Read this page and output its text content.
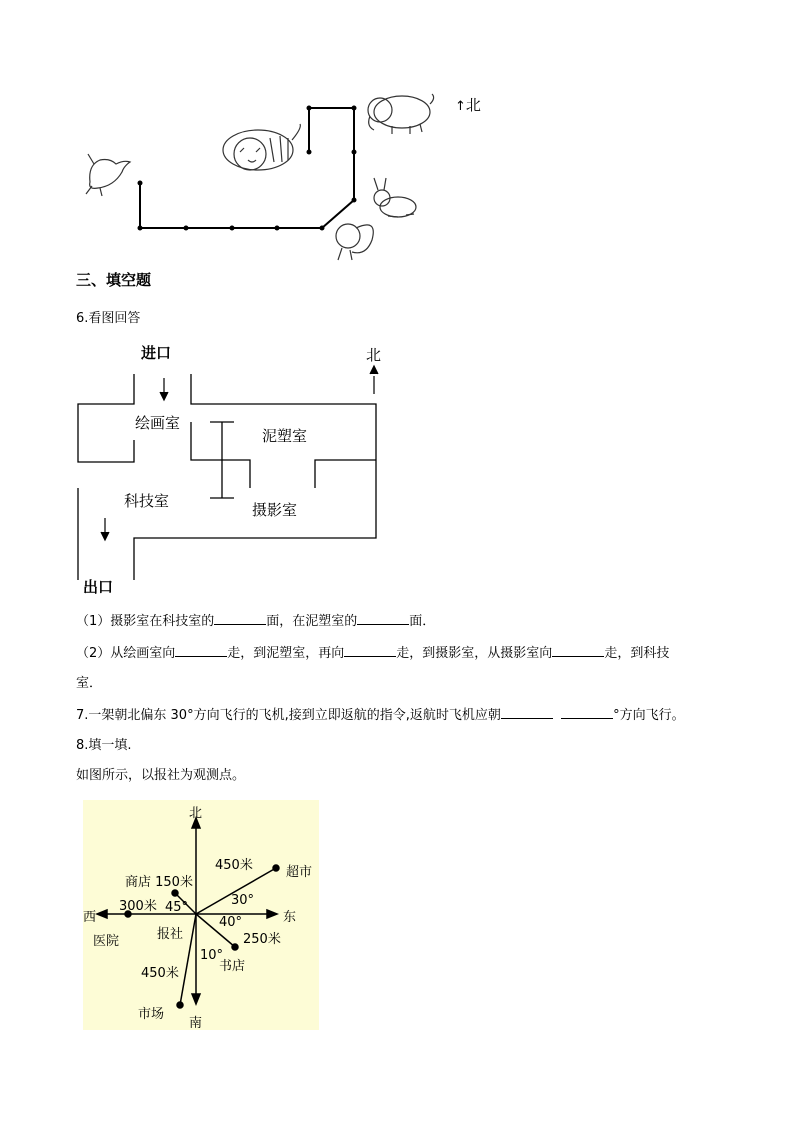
↑北
三、填空题
6.看图回答
进口	北
绘画室
泥塑室
科技室	摄影室
出口
（1）摄影室在科技室的	面，在泥塑室的	面．
（2）从绘画室向	走，到泥塑室，再向	走，到摄影室，从摄影室向	走，到科技
室．
7.一架朝北偏东 30°方向飞行的飞机,接到立即返航的指令,返航时飞机应朝	°方向飞行。
8.填一填.
如图所示，以报社为观测点。
北
南
西	东
超市
450米
30°
商店 150米
45°
300米
医院	报社
40°
250米
书店
10°
450米
市场
